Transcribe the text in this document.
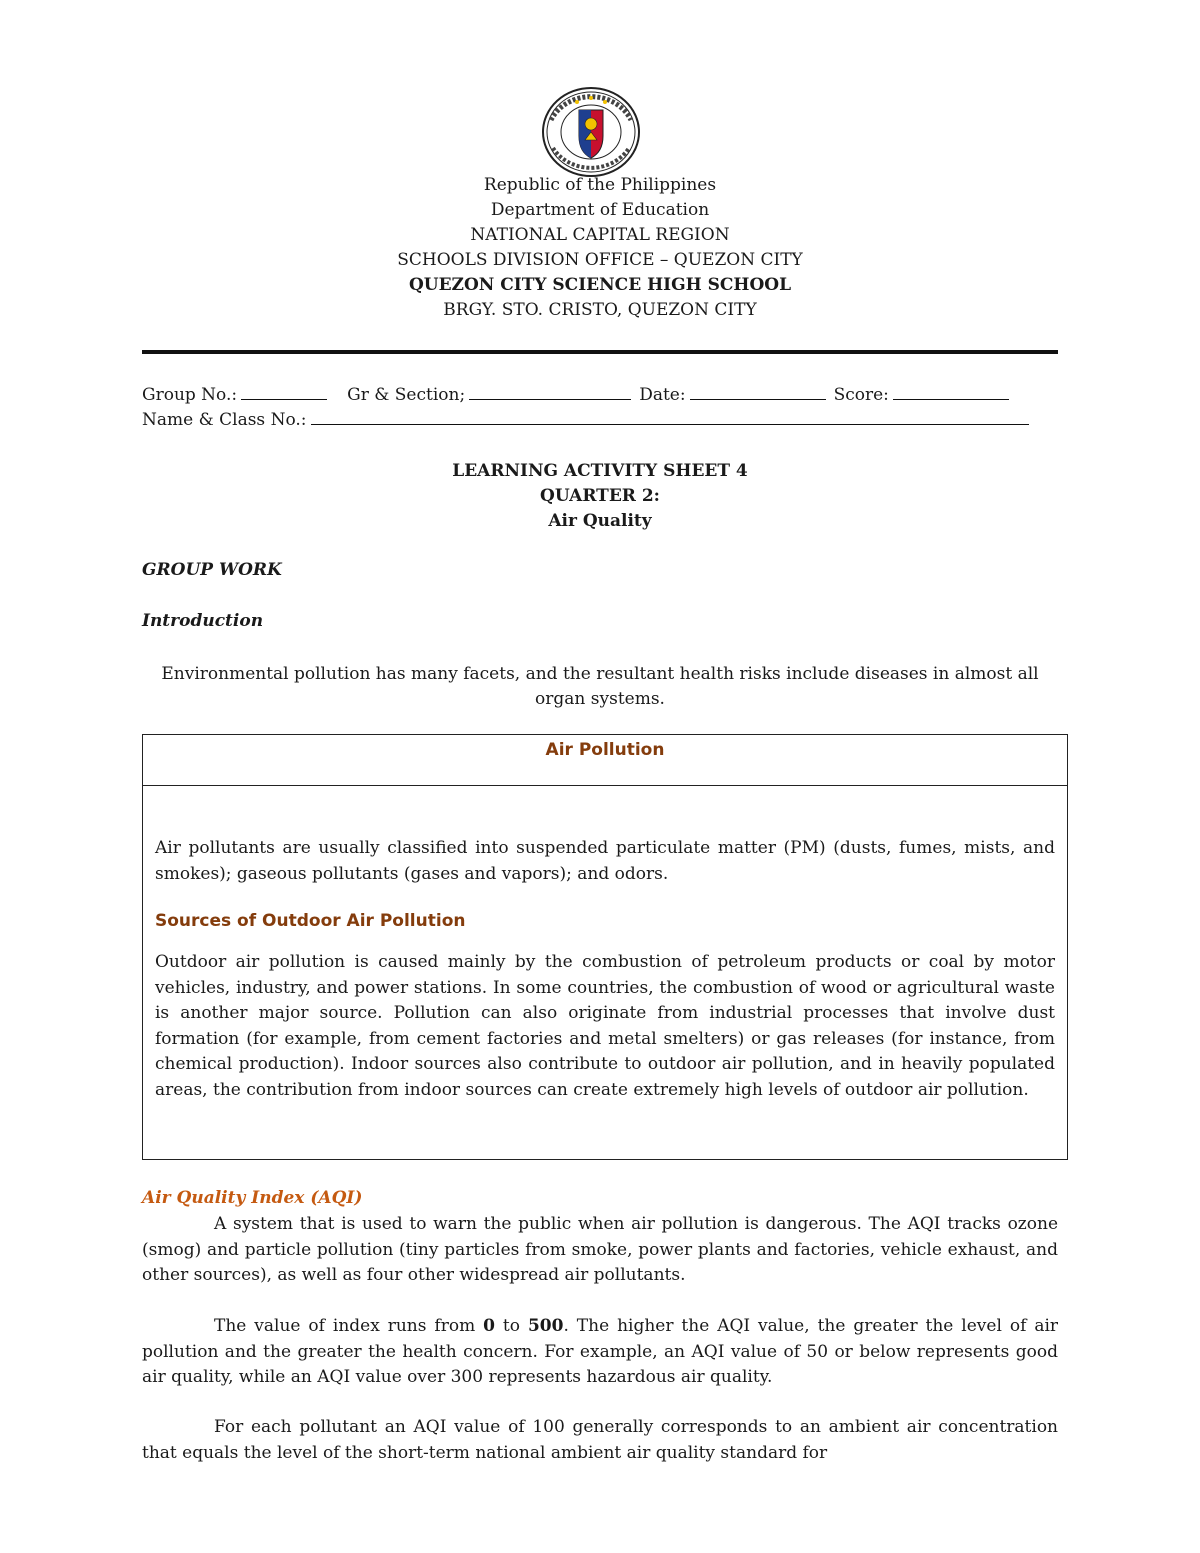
Republic of the Philippines
Department of Education
NATIONAL CAPITAL REGION
SCHOOLS DIVISION OFFICE – QUEZON CITY
QUEZON CITY SCIENCE HIGH SCHOOL
BRGY. STO. CRISTO, QUEZON CITY
Group No.:	Gr & Section;	Date:	Score:
Name & Class No.:
LEARNING ACTIVITY SHEET 4
QUARTER 2:
Air Quality
GROUP WORK
Introduction
Environmental pollution has many facets, and the resultant health risks include diseases in almost all organ systems.
Air Pollution
Air pollutants are usually classified into suspended particulate matter (PM) (dusts, fumes, mists, and smokes); gaseous pollutants (gases and vapors); and odors.
Sources of Outdoor Air Pollution
Outdoor air pollution is caused mainly by the combustion of petroleum products or coal by motor vehicles, industry, and power stations. In some countries, the combustion of wood or agricultural waste is another major source. Pollution can also originate from industrial processes that involve dust formation (for example, from cement factories and metal smelters) or gas releases (for instance, from chemical production). Indoor sources also contribute to outdoor air pollution, and in heavily populated areas, the contribution from indoor sources can create extremely high levels of outdoor air pollution.
Air Quality Index (AQI)
A system that is used to warn the public when air pollution is dangerous. The AQI tracks ozone (smog) and particle pollution (tiny particles from smoke, power plants and factories, vehicle exhaust, and other sources), as well as four other widespread air pollutants.
The value of index runs from 0 to 500. The higher the AQI value, the greater the level of air pollution and the greater the health concern. For example, an AQI value of 50 or below represents good air quality, while an AQI value over 300 represents hazardous air quality.
For each pollutant an AQI value of 100 generally corresponds to an ambient air concentration that equals the level of the short-term national ambient air quality standard for
